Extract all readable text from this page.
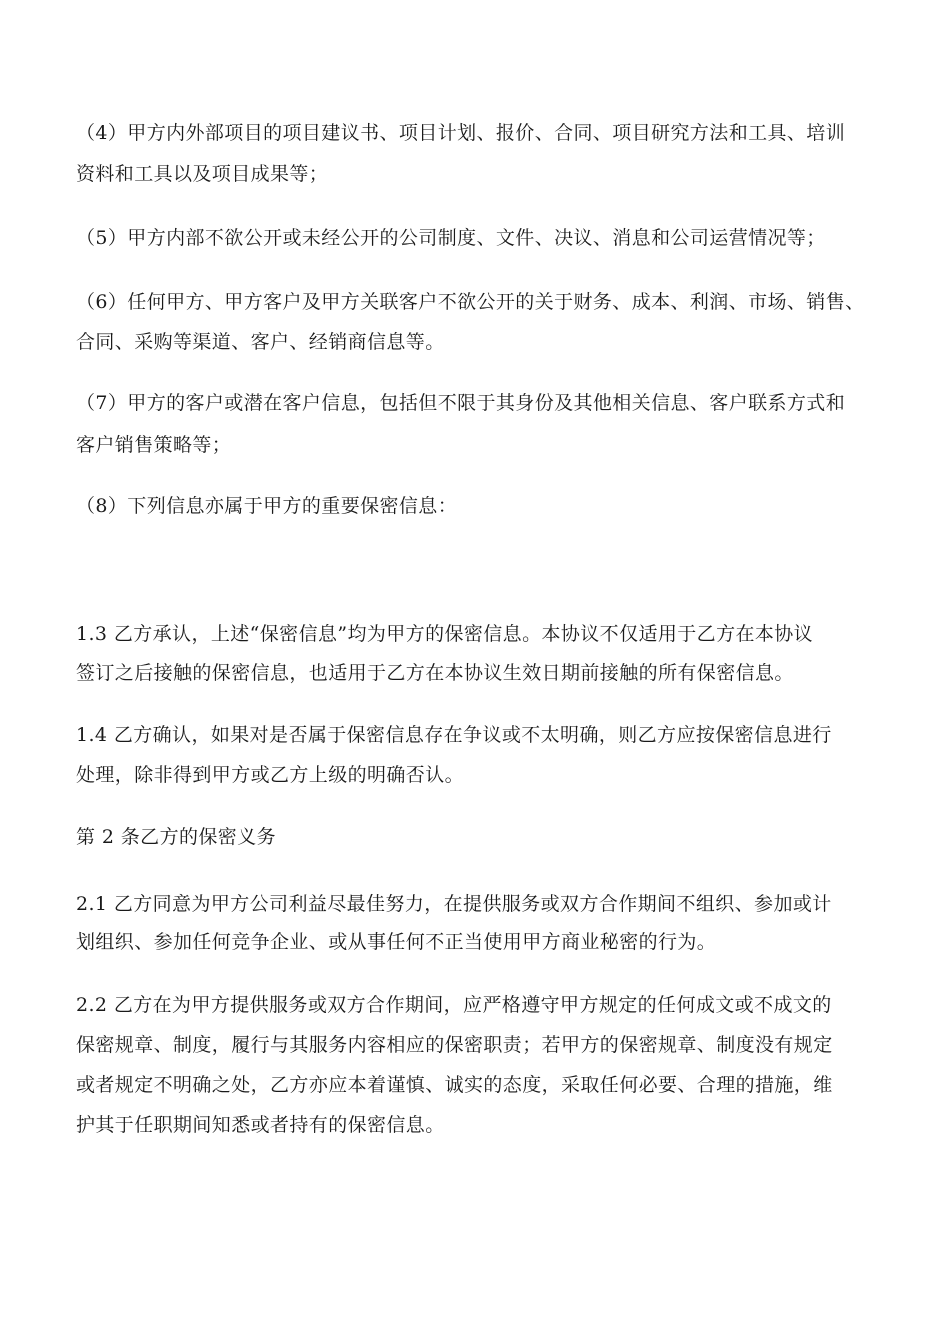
（4）甲方内外部项目的项目建议书、项目计划、报价、合同、项目研究方法和工具、培训
资料和工具以及项目成果等；
（5）甲方内部不欲公开或未经公开的公司制度、文件、决议、消息和公司运营情况等；
（6）任何甲方、甲方客户及甲方关联客户不欲公开的关于财务、成本、利润、市场、销售、
合同、采购等渠道、客户、经销商信息等。
（7）甲方的客户或潜在客户信息，包括但不限于其身份及其他相关信息、客户联系方式和
客户销售策略等；
（8）下列信息亦属于甲方的重要保密信息：
1.3 乙方承认，上述“保密信息”均为甲方的保密信息。本协议不仅适用于乙方在本协议
签订之后接触的保密信息，也适用于乙方在本协议生效日期前接触的所有保密信息。
1.4 乙方确认，如果对是否属于保密信息存在争议或不太明确，则乙方应按保密信息进行
处理，除非得到甲方或乙方上级的明确否认。
第 2 条乙方的保密义务
2.1 乙方同意为甲方公司利益尽最佳努力，在提供服务或双方合作期间不组织、参加或计
划组织、参加任何竞争企业、或从事任何不正当使用甲方商业秘密的行为。
2.2 乙方在为甲方提供服务或双方合作期间，应严格遵守甲方规定的任何成文或不成文的
保密规章、制度，履行与其服务内容相应的保密职责；若甲方的保密规章、制度没有规定
或者规定不明确之处，乙方亦应本着谨慎、诚实的态度，采取任何必要、合理的措施，维
护其于任职期间知悉或者持有的保密信息。
